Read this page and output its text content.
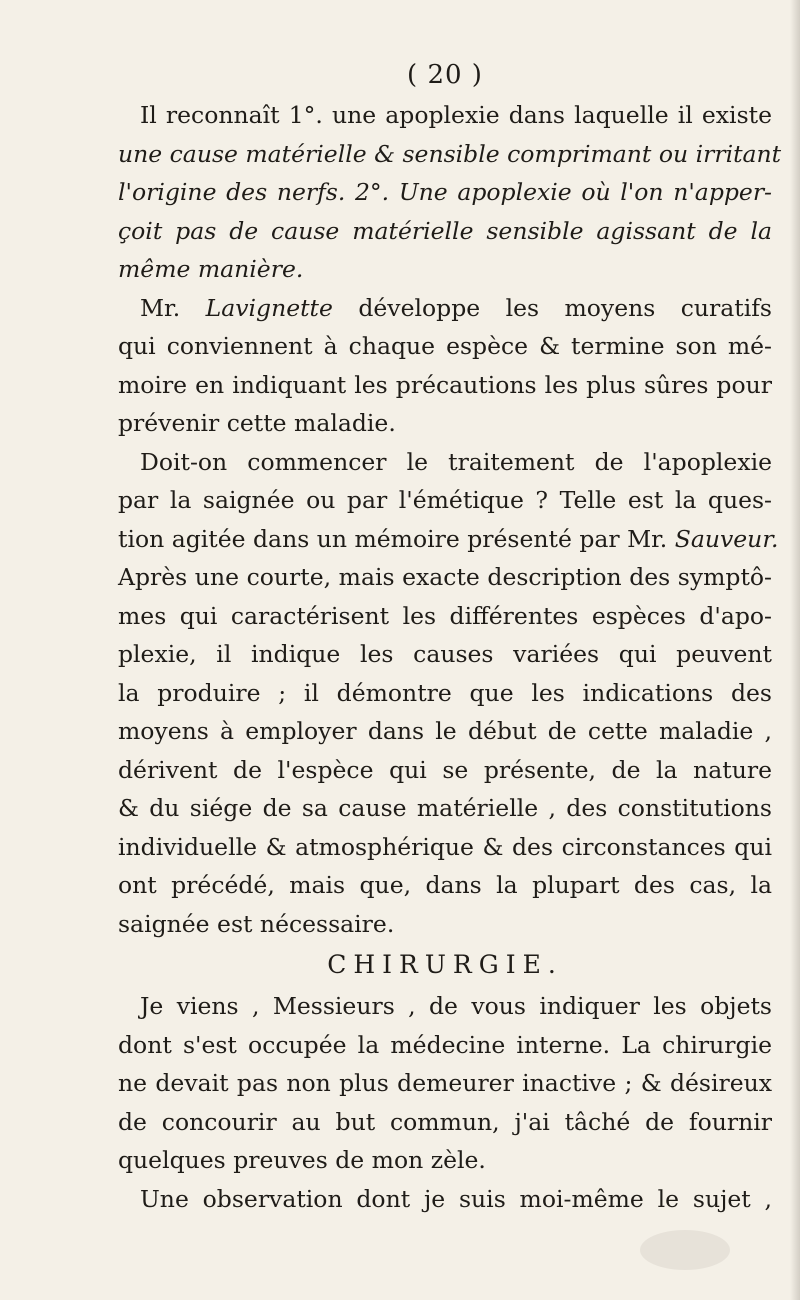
( 20 )
Il reconnaît 1°. une apoplexie dans laquelle il existe
une cause matérielle & sensible comprimant ou irritant
l'origine des nerfs. 2°. Une apoplexie où l'on n'apper-
çoit pas de cause matérielle sensible agissant de la
même manière.
Mr. Lavignette développe les moyens curatifs
qui conviennent à chaque espèce & termine son mé-
moire en indiquant les précautions les plus sûres pour
prévenir cette maladie.
Doit-on commencer le traitement de l'apoplexie
par la saignée ou par l'émétique ? Telle est la ques-
tion agitée dans un mémoire présenté par Mr. Sauveur.
Après une courte, mais exacte description des symptô-
mes qui caractérisent les différentes espèces d'apo-
plexie, il indique les causes variées qui peuvent
la produire ; il démontre que les indications des
moyens à employer dans le début de cette maladie ,
dérivent de l'espèce qui se présente, de la nature
& du siége de sa cause matérielle , des constitutions
individuelle & atmosphérique & des circonstances qui
ont précédé, mais que, dans la plupart des cas, la
saignée est nécessaire.
CHIRURGIE.
Je viens , Messieurs , de vous indiquer les objets
dont s'est occupée la médecine interne. La chirurgie
ne devait pas non plus demeurer inactive ; & désireux
de concourir au but commun, j'ai tâché de fournir
quelques preuves de mon zèle.
Une observation dont je suis moi-même le sujet ,
